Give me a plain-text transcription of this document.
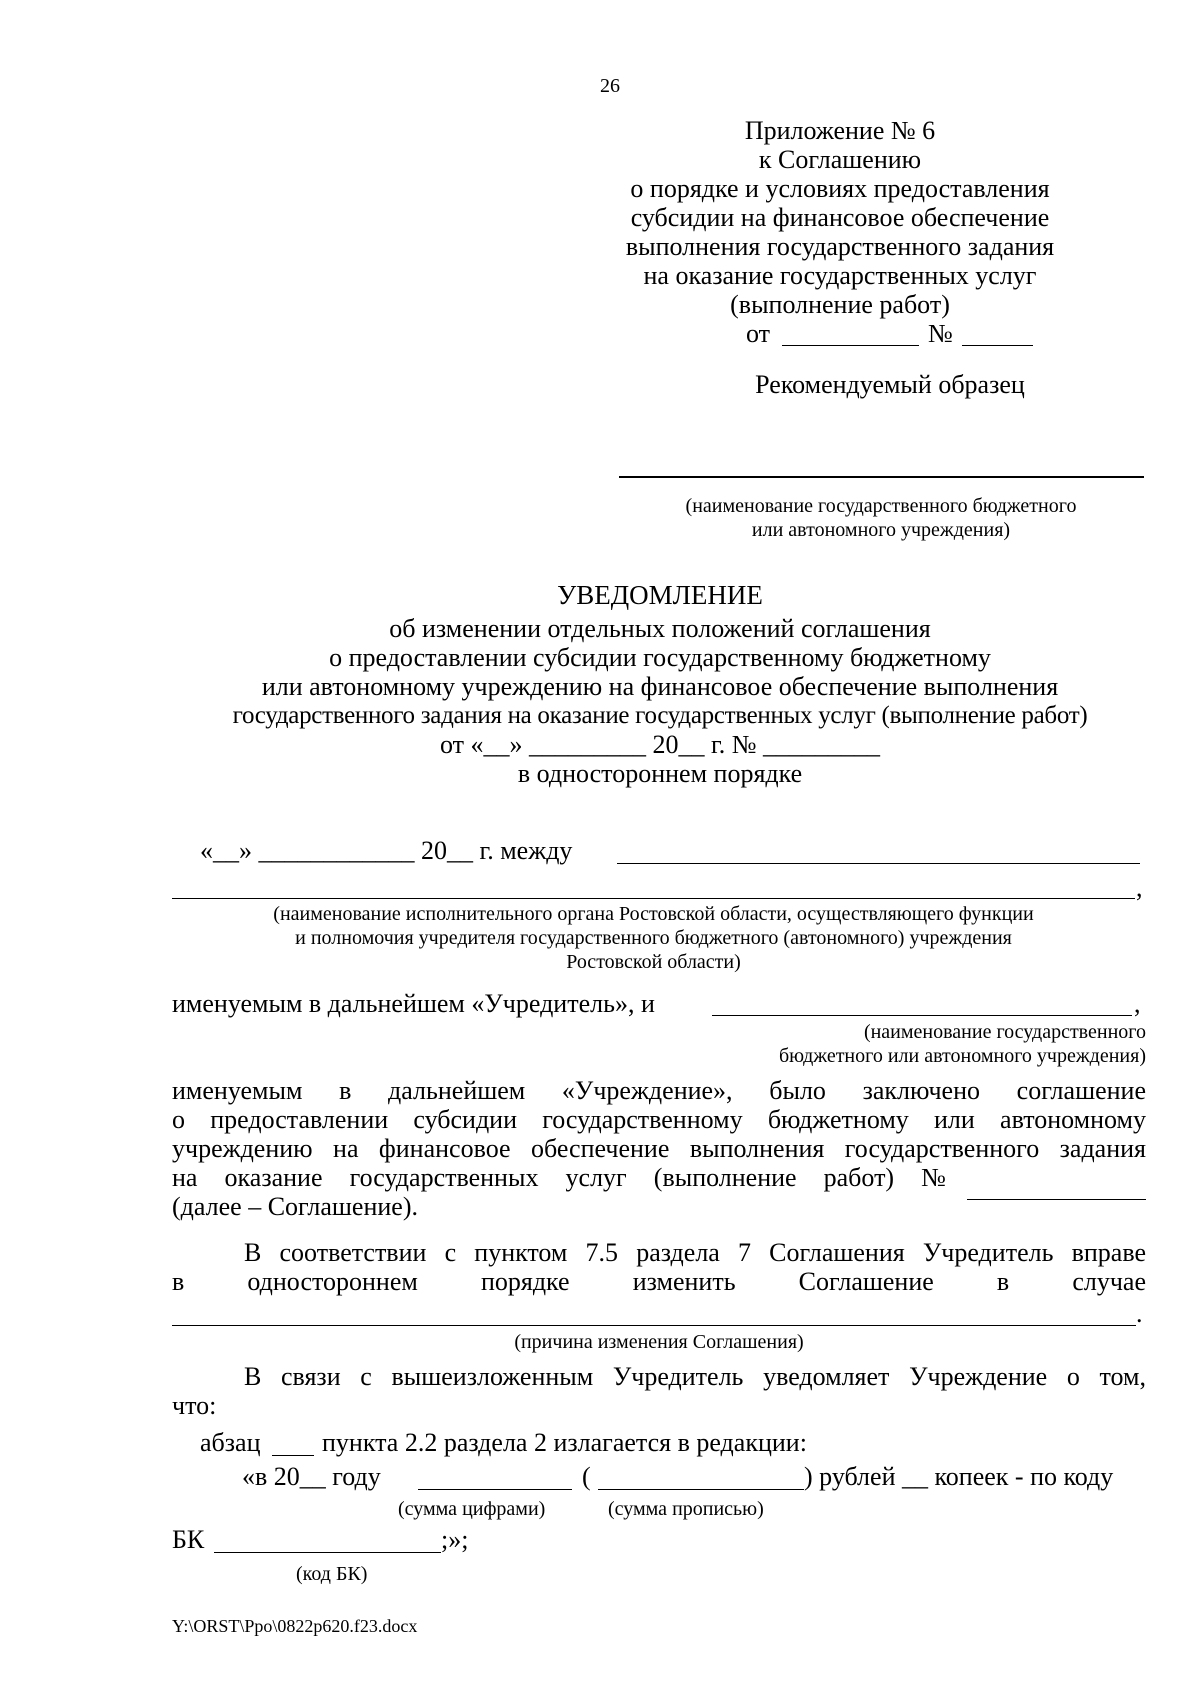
26
Приложение № 6
к Соглашению
о порядке и условиях предоставления
субсидии на финансовое обеспечение
выполнения государственного задания
на оказание государственных услуг
(выполнение работ)
от	№
Рекомендуемый образец
(наименование государственного бюджетного
или автономного учреждения)
УВЕДОМЛЕНИЕ
об изменении отдельных положений соглашения
о предоставлении субсидии государственному бюджетному
или автономному учреждению на финансовое обеспечение выполнения
государственного задания на оказание государственных услуг (выполнение работ)
от «__» _________ 20__ г. № _________
в одностороннем порядке
«__» ____________ 20__ г. между
,
(наименование исполнительного органа Ростовской области, осуществляющего функции
и полномочия учредителя государственного бюджетного (автономного) учреждения
Ростовской области)
именуемым в дальнейшем «Учредитель», и	,
(наименование государственного
бюджетного или автономного учреждения)
именуемым в дальнейшем «Учреждение», было заключено соглашение
о предоставлении субсидии государственному бюджетному или автономному
учреждению на финансовое обеспечение выполнения государственного задания
на оказание государственных услуг (выполнение работ) №
(далее – Соглашение).
В соответствии с пунктом 7.5 раздела 7 Соглашения Учредитель вправе
в одностороннем порядке изменить Соглашение в случае
.
(причина изменения Соглашения)
В связи с вышеизложенным Учредитель уведомляет Учреждение о том,
что:
абзац пункта 2.2 раздела 2 излагается в редакции:
«в 20__ году	(	) рублей __ копеек - по коду
(сумма цифрами)	(сумма прописью)
БК	;»;
(код БК)
Y:\ORST\Ppo\0822p620.f23.docx
